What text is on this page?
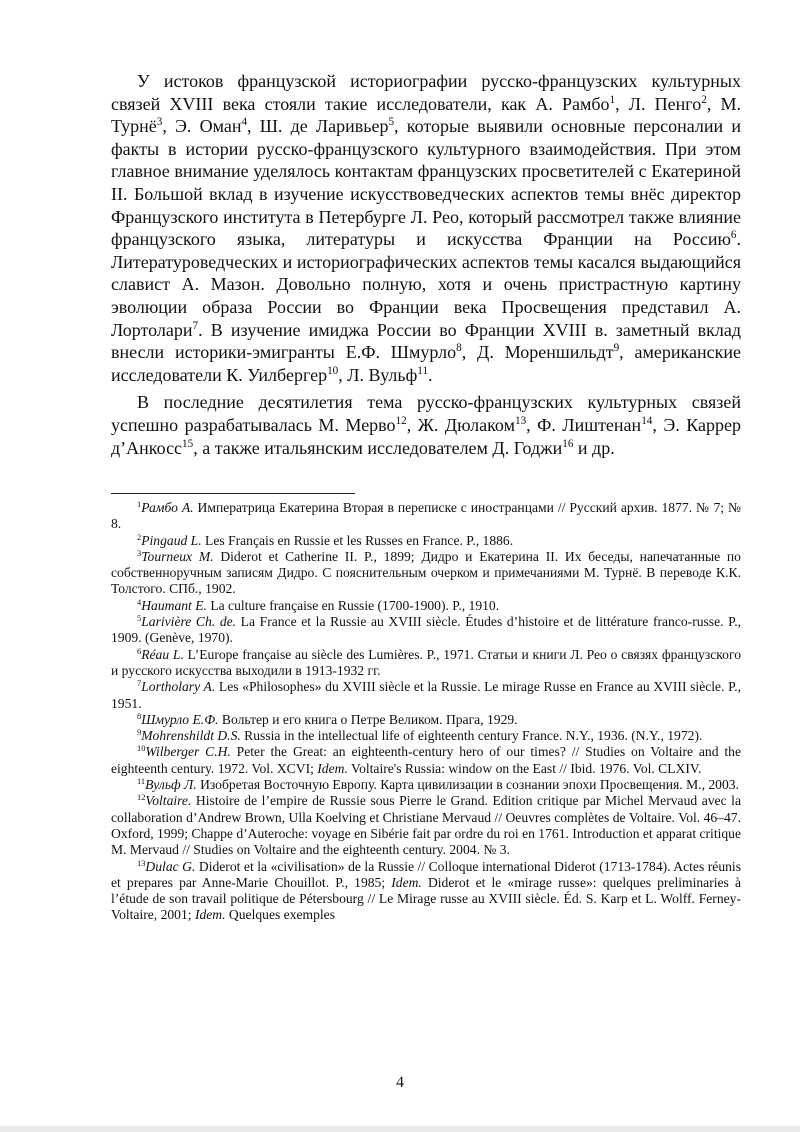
У истоков французской историографии русско-французских культурных связей XVIII века стояли такие исследователи, как А. Рамбо$^1$, Л. Пенго$^2$, М. Турнё$^3$, Э. Оман$^4$, Ш. де Ларивьер$^5$, которые выявили основные персоналии и факты в истории русско-французского культурного взаимодействия. При этом главное внимание уделялось контактам французских просветителей с Екатериной II. Большой вклад в изучение искусствоведческих аспектов темы внёс директор Французского института в Петербурге Л. Рео, который рассмотрел также влияние французского языка, литературы и искусства Франции на Россию$^6$. Литературоведческих и историографических аспектов темы касался выдающийся славист А. Мазон. Довольно полную, хотя и очень пристрастную картину эволюции образа России во Франции века Просвещения представил А. Лортолари$^7$. В изучение имиджа России во Франции XVIII в. заметный вклад внесли историки-эмигранты Е.Ф. Шмурло$^8$, Д. Мореншильдт$^9$, американские исследователи К. Уилбергер$^{10}$, Л. Вульф$^{11}$.

В последние десятилетия тема русско-французских культурных связей успешно разрабатывалась М. Мерво$^{12}$, Ж. Дюлаком$^{13}$, Ф. Лиштенан$^{14}$, Э. Каррер д’Анкосс$^{15}$, а также итальянским исследователем Д. Годжи$^{16}$ и др.

$^1$Рамбо А. Императрица Екатерина Вторая в переписке с иностранцами // Русский архив. 1877. № 7; № 8.

$^2$Pingaud L. Les Français en Russie et les Russes en France. P., 1886.

$^3$Tourneux M. Diderot et Catherine II. P., 1899; Дидро и Екатерина II. Их беседы, напечатанные по собственноручным записям Дидро. С пояснительным очерком и примечаниями М. Турнё. В переводе К.К. Толстого. СПб., 1902.

$^4$Haumant E. La culture française en Russie (1700-1900). P., 1910.

$^5$Larivière Ch. de. La France et la Russie au XVIII siècle. Études d’histoire et de littérature franco-russe. P., 1909. (Genève, 1970).

$^6$Réau L. L’Europe française au siècle des Lumières. P., 1971. Статьи и книги Л. Рео о связях французского и русского искусства выходили в 1913-1932 гг.

$^7$Lortholary A. Les «Philosophes» du XVIII siècle et la Russie. Le mirage Russe en France au XVIII siècle. P., 1951.

$^8$Шмурло Е.Ф. Вольтер и его книга о Петре Великом. Прага, 1929.

$^9$Mohrenshildt D.S. Russia in the intellectual life of eighteenth century France. N.Y., 1936. (N.Y., 1972).

$^{10}$Wilberger C.H. Peter the Great: an eighteenth-century hero of our times? // Studies on Voltaire and the eighteenth century. 1972. Vol. XCVI; Idem. Voltaire's Russia: window on the East // Ibid. 1976. Vol. CLXIV.

$^{11}$Вульф Л. Изобретая Восточную Европу. Карта цивилизации в сознании эпохи Просвещения. М., 2003.

$^{12}$Voltaire. Histoire de l’empire de Russie sous Pierre le Grand. Edition critique par Michel Mervaud avec la collaboration d’Andrew Brown, Ulla Koelving et Christiane Mervaud // Oeuvres complètes de Voltaire. Vol. 46–47. Oxford, 1999; Chappe d’Auteroche: voyage en Sibérie fait par ordre du roi en 1761. Introduction et apparat critique M. Mervaud // Studies on Voltaire and the eighteenth century. 2004. № 3.

$^{13}$Dulac G. Diderot et la «civilisation» de la Russie // Colloque international Diderot (1713-1784). Actes réunis et prepares par Anne-Marie Chouillot. P., 1985; Idem. Diderot et le «mirage russe»: quelques preliminaries à l’étude de son travail politique de Pétersbourg // Le Mirage russe au XVIII siècle. Éd. S. Karp et L. Wolff. Ferney-Voltaire, 2001; Idem. Quelques exemples

4
